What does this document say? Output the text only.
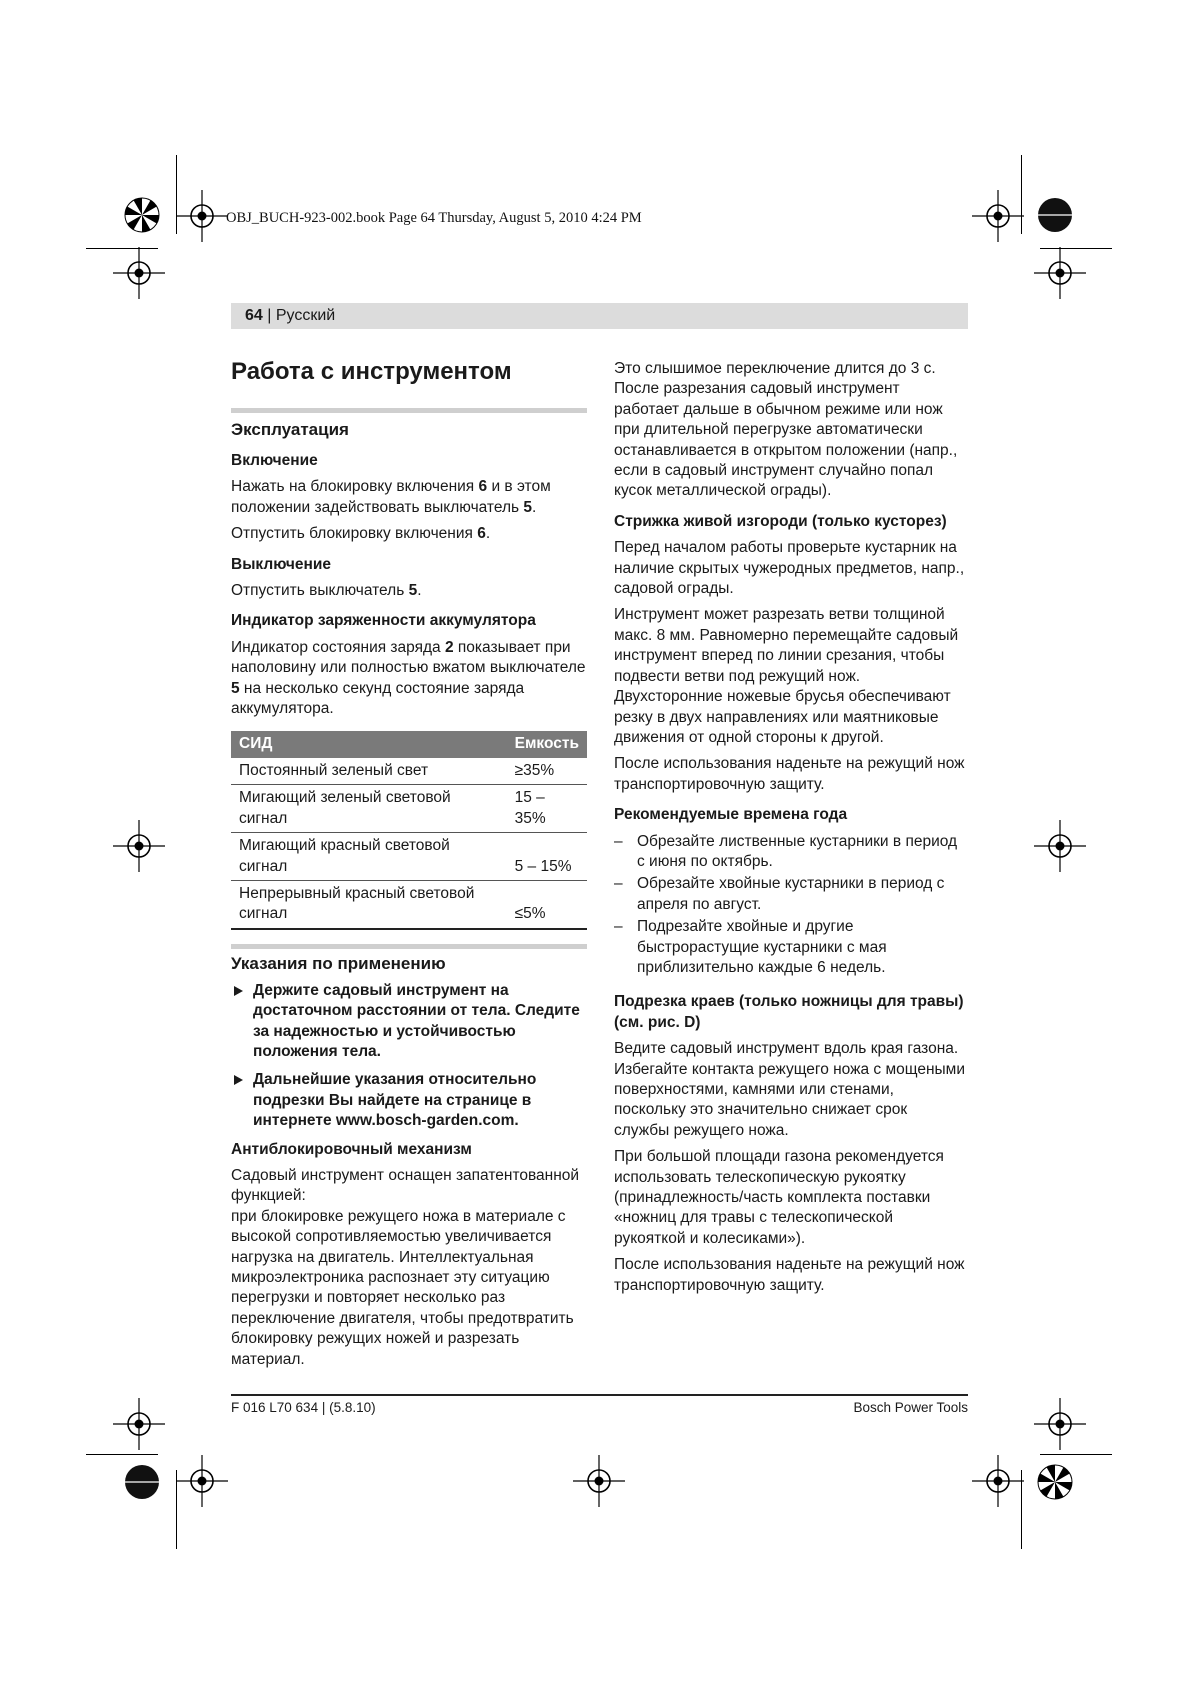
OBJ_BUCH-923-002.book Page 64 Thursday, August 5, 2010 4:24 PM
64 | Русский
Работа с инструментом
Эксплуатация
Включение

Нажать на блокировку включения 6 и в этом положении задействовать выключатель 5.

Отпустить блокировку включения 6.

Выключение

Отпустить выключатель 5.

Индикатор заряженности аккумулятора

Индикатор состояния заряда 2 показывает при наполовину или полностью вжатом выключателе 5 на несколько секунд состояние заряда аккумулятора.

СИД	Емкость
Постоянный зеленый свет	≥35%
Мигающий зеленый световой сигнал	15 – 35%
Мигающий красный световой сигнал	5 – 15%
Непрерывный красный световой сигнал	≤5%
Указания по применению
Держите садовый инструмент на достаточном расстоянии от тела. Следите за надежностью и устойчивостью положения тела.
Дальнейшие указания относительно подрезки Вы найдете на странице в интернете www.bosch-garden.com.
Антиблокировочный механизм

Садовый инструмент оснащен запатентованной функцией:

при блокировке режущего ножа в материале с высокой сопротивляемостью увеличивается нагрузка на двигатель. Интеллектуальная микроэлектроника распознает эту ситуацию перегрузки и повторяет несколько раз переключение двигателя, чтобы предотвратить блокировку режущих ножей и разрезать материал.

Это слышимое переключение длится до 3 с. После разрезания садовый инструмент работает дальше в обычном режиме или нож при длительной перегрузке автоматически останавливается в открытом положении (напр., если в садовый инструмент случайно попал кусок металлической ограды).

Стрижка живой изгороди (только кусторез)

Перед началом работы проверьте кустарник на наличие скрытых чужеродных предметов, напр., садовой ограды.

Инструмент может разрезать ветви толщиной макс. 8 мм. Равномерно перемещайте садовый инструмент вперед по линии срезания, чтобы подвести ветви под режущий нож. Двухсторонние ножевые брусья обеспечивают резку в двух направлениях или маятниковые движения от одной стороны к другой.

После использования наденьте на режущий нож транспортировочную защиту.

Рекомендуемые времена года
– Обрезайте лиственные кустарники в период с июня по октябрь.
– Обрезайте хвойные кустарники в период с апреля по август.
– Подрезайте хвойные и другие быстрорастущие кустарники с мая приблизительно каждые 6 недель.
Подрезка краев (только ножницы для травы) (см. рис. D)

Ведите садовый инструмент вдоль края газона. Избегайте контакта режущего ножа с мощеными поверхностями, камнями или стенами, поскольку это значительно снижает срок службы режущего ножа.

При большой площади газона рекомендуется использовать телескопическую рукоятку (принадлежность/часть комплекта поставки «ножниц для травы с телескопической рукояткой и колесиками»).

После использования наденьте на режущий нож транспортировочную защиту.

F 016 L70 634 | (5.8.10)	Bosch Power Tools
